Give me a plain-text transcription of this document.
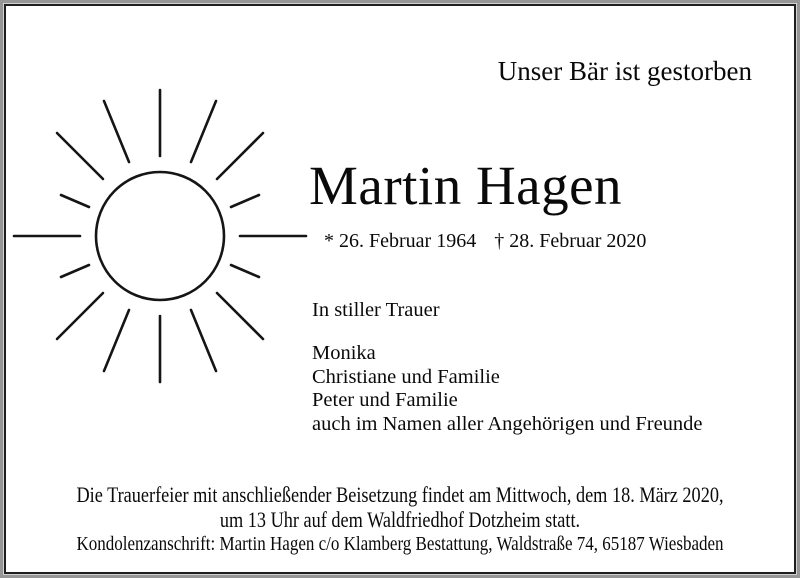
Unser Bär ist gestorben
Martin Hagen
* 26. Februar 1964 † 28. Februar 2020
In stiller Trauer
Monika
Christiane und Familie
Peter und Familie
auch im Namen aller Angehörigen und Freunde
Die Trauerfeier mit anschließender Beisetzung findet am Mittwoch, dem 18. März 2020,
um 13 Uhr auf dem Waldfriedhof Dotzheim statt.
Kondolenzanschrift: Martin Hagen c/o Klamberg Bestattung, Waldstraße 74, 65187 Wiesbaden
